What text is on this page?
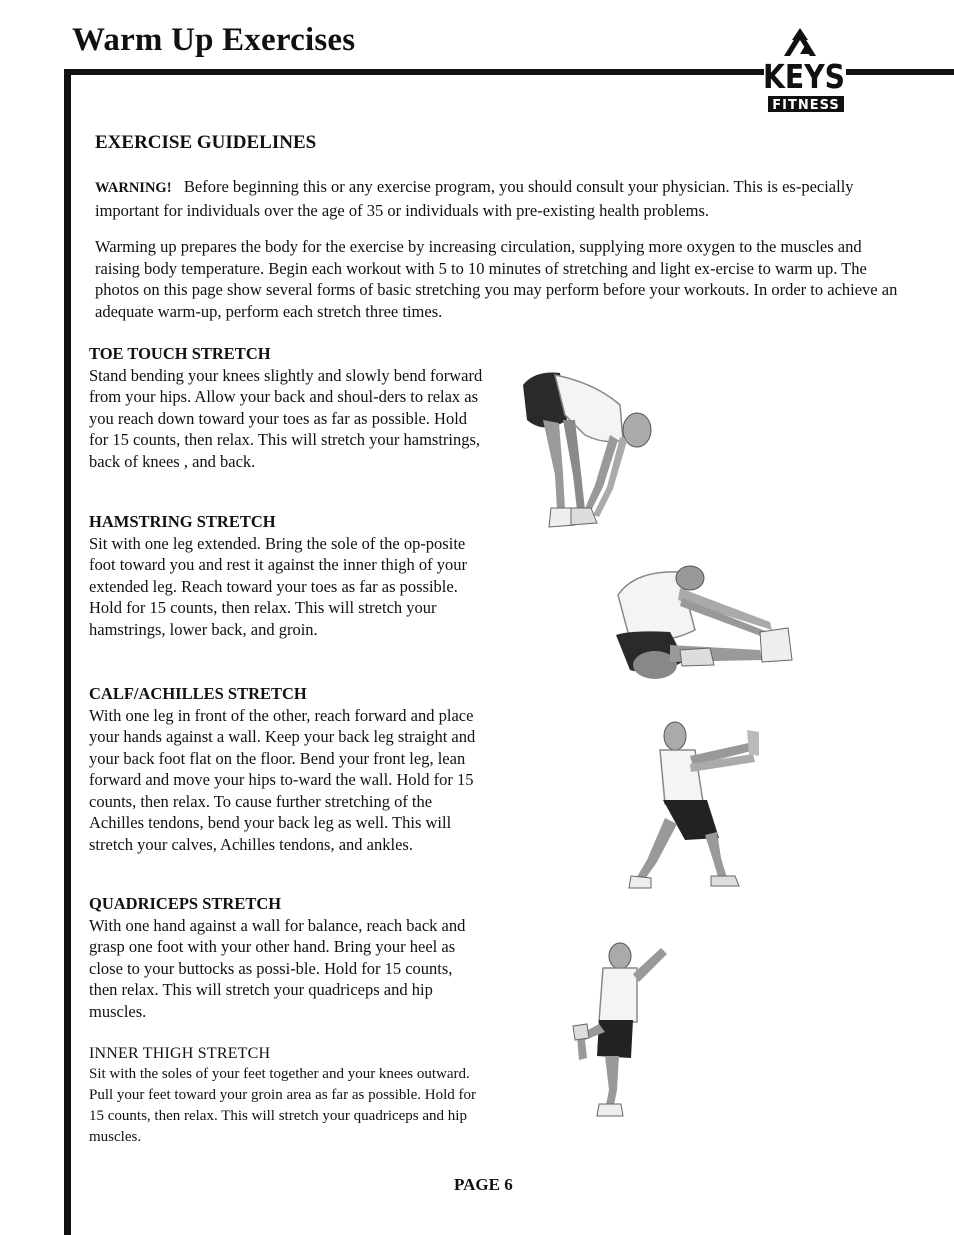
Warm Up Exercises
KEYS
FITNESS
EXERCISE GUIDELINES

WARNING! Before beginning this or any exercise program, you should consult your physician. This is es-pecially important for individuals over the age of 35 or individuals with pre-existing health problems.

Warming up prepares the body for the exercise by increasing circulation, supplying more oxygen to the muscles and raising body temperature. Begin each workout with 5 to 10 minutes of stretching and light ex-ercise to warm up. The photos on this page show several forms of basic stretching you may perform before your workouts. In order to achieve an adequate warm-up, perform each stretch three times.

TOE TOUCH STRETCH

Stand bending your knees slightly and slowly bend forward from your hips. Allow your back and shoul-ders to relax as you reach down toward your toes as far as possible. Hold for 15 counts, then relax. This will stretch your hamstrings, back of knees , and back.

HAMSTRING STRETCH

Sit with one leg extended. Bring the sole of the op-posite foot toward you and rest it against the inner thigh of your extended leg. Reach toward your toes as far as possible. Hold for 15 counts, then relax. This will stretch your hamstrings, lower back, and groin.

CALF/ACHILLES STRETCH

With one leg in front of the other, reach forward and place your hands against a wall. Keep your back leg straight and your back foot flat on the floor. Bend your front leg, lean forward and move your hips to-ward the wall. Hold for 15 counts, then relax. To cause further stretching of the Achilles tendons, bend your back leg as well. This will stretch your calves, Achilles tendons, and ankles.

QUADRICEPS STRETCH

With one hand against a wall for balance, reach back and grasp one foot with your other hand. Bring your heel as close to your buttocks as possi-ble. Hold for 15 counts, then relax. This will stretch your quadriceps and hip muscles.

INNER THIGH STRETCH

Sit with the soles of your feet together and your knees outward. Pull your feet toward your groin area as far as possible. Hold for 15 counts, then relax. This will stretch your quadriceps and hip muscles.

PAGE 6
